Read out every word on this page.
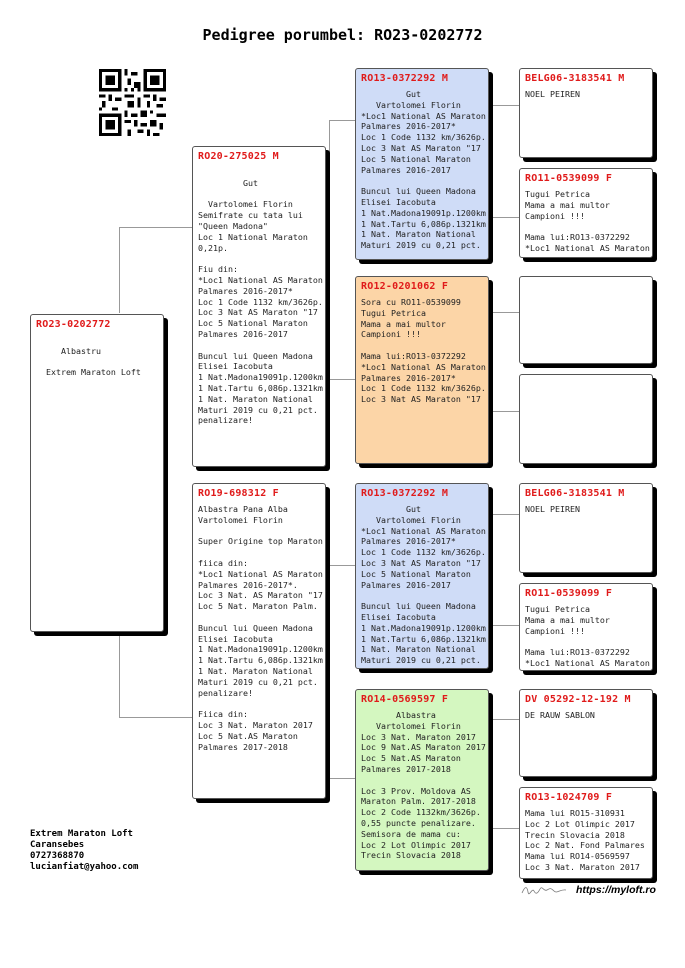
Pedigree porumbel: RO23-0202772
RO23-0202772
Albastru
Extrem Maraton Loft
RO20-275025 M
Gut
Vartolomei Florin
Semifrate cu tata lui
"Queen Madona"
Loc 1 National Maraton
0,21p.
Fiu din:
*Loc1 National AS Maraton
Palmares 2016-2017*
Loc 1 Code 1132 km/3626p.
Loc 3 Nat AS Maraton "17
Loc 5 National Maraton
Palmares 2016-2017
Buncul lui Queen Madona
Elisei Iacobuta
1 Nat.Madona19091p.1200km
1 Nat.Tartu 6,086p.1321km
1 Nat. Maraton National
Maturi 2019 cu 0,21 pct.
penalizare!
RO19-698312 F
Albastra Pana Alba
Vartolomei Florin
Super Origine top Maraton
fiica din:
*Loc1 National AS Maraton
Palmares 2016-2017*.
Loc 3 Nat. AS Maraton "17
Loc 5 Nat. Maraton Palm.
Buncul lui Queen Madona
Elisei Iacobuta
1 Nat.Madona19091p.1200km
1 Nat.Tartu 6,086p.1321km
1 Nat. Maraton National
Maturi 2019 cu 0,21 pct.
penalizare!
Fiica din:
Loc 3 Nat. Maraton 2017
Loc 5 Nat.AS Maraton
Palmares 2017-2018
RO13-0372292 M
Gut
Vartolomei Florin
*Loc1 National AS Maraton
Palmares 2016-2017*
Loc 1 Code 1132 km/3626p.
Loc 3 Nat AS Maraton "17
Loc 5 National Maraton
Palmares 2016-2017
Buncul lui Queen Madona
Elisei Iacobuta
1 Nat.Madona19091p.1200km
1 Nat.Tartu 6,086p.1321km
1 Nat. Maraton National
Maturi 2019 cu 0,21 pct.
RO12-0201062 F
Sora cu RO11-0539099
Tugui Petrica
Mama a mai multor
Campioni !!!
Mama lui:RO13-0372292
*Loc1 National AS Maraton
Palmares 2016-2017*
Loc 1 Code 1132 km/3626p.
Loc 3 Nat AS Maraton "17
RO13-0372292 M
Gut
Vartolomei Florin
*Loc1 National AS Maraton
Palmares 2016-2017*
Loc 1 Code 1132 km/3626p.
Loc 3 Nat AS Maraton "17
Loc 5 National Maraton
Palmares 2016-2017
Buncul lui Queen Madona
Elisei Iacobuta
1 Nat.Madona19091p.1200km
1 Nat.Tartu 6,086p.1321km
1 Nat. Maraton National
Maturi 2019 cu 0,21 pct.
RO14-0569597 F
Albastra
Vartolomei Florin
Loc 3 Nat. Maraton 2017
Loc 9 Nat.AS Maraton 2017
Loc 5 Nat.AS Maraton
Palmares 2017-2018
Loc 3 Prov. Moldova AS
Maraton Palm. 2017-2018
Loc 2 Code 1132km/3626p.
0,55 puncte penalizare.
Semisora de mama cu:
Loc 2 Lot Olimpic 2017
Trecin Slovacia 2018
BELG06-3183541 M
NOEL PEIREN
RO11-0539099 F
Tugui Petrica
Mama a mai multor
Campioni !!!
Mama lui:RO13-0372292
*Loc1 National AS Maraton
BELG06-3183541 M
NOEL PEIREN
RO11-0539099 F
Tugui Petrica
Mama a mai multor
Campioni !!!
Mama lui:RO13-0372292
*Loc1 National AS Maraton
DV 05292-12-192 M
DE RAUW SABLON
RO13-1024709 F
Mama lui RO15-310931
Loc 2 Lot Olimpic 2017
Trecin Slovacia 2018
Loc 2 Nat. Fond Palmares
Mama lui RO14-0569597
Loc 3 Nat. Maraton 2017
Extrem Maraton Loft
Caransebes
0727368870
lucianfiat@yahoo.com
https://myloft.ro
